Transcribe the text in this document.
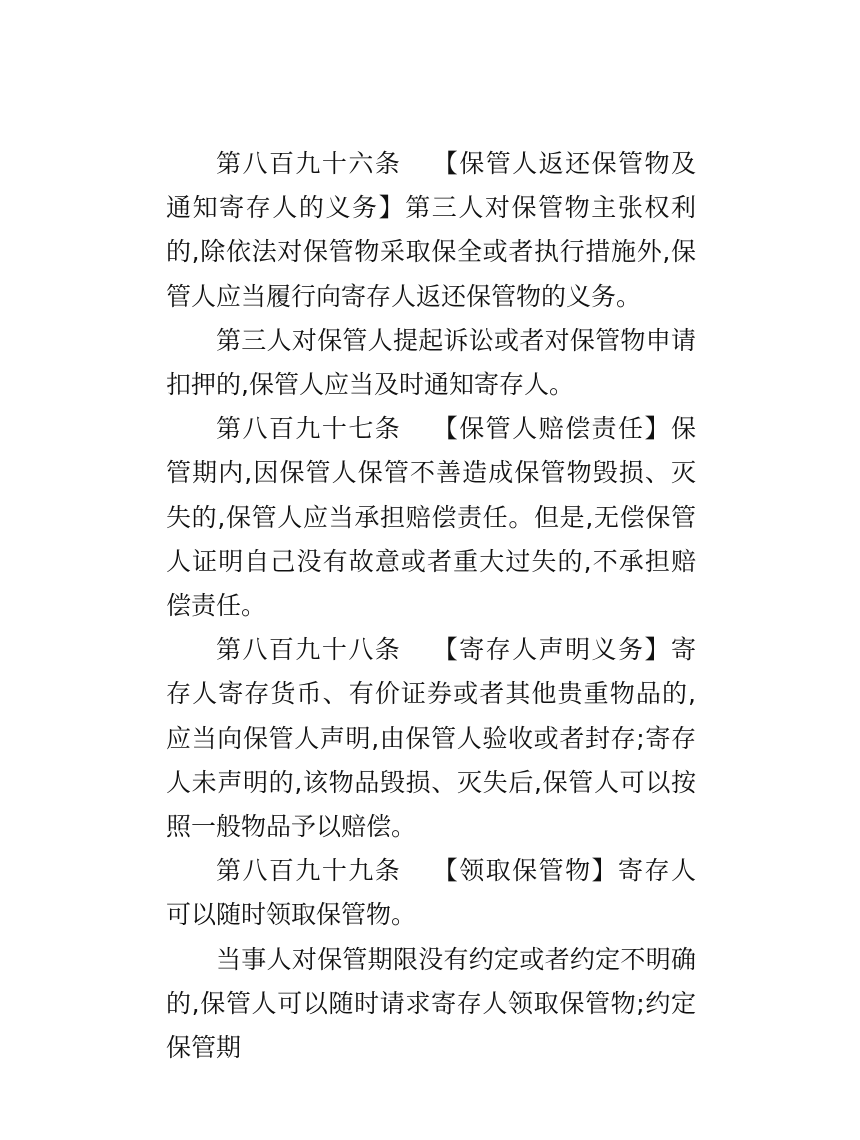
第八百九十六条 【保管人返还保管物及通知寄存人的义务】第三人对保管物主张权利的,除依法对保管物采取保全或者执行措施外,保管人应当履行向寄存人返还保管物的义务。

第三人对保管人提起诉讼或者对保管物申请扣押的,保管人应当及时通知寄存人。

第八百九十七条 【保管人赔偿责任】保管期内,因保管人保管不善造成保管物毁损、灭失的,保管人应当承担赔偿责任。但是,无偿保管人证明自己没有故意或者重大过失的,不承担赔偿责任。

第八百九十八条 【寄存人声明义务】寄存人寄存货币、有价证券或者其他贵重物品的,应当向保管人声明,由保管人验收或者封存;寄存人未声明的,该物品毁损、灭失后,保管人可以按照一般物品予以赔偿。

第八百九十九条 【领取保管物】寄存人可以随时领取保管物。

当事人对保管期限没有约定或者约定不明确的,保管人可以随时请求寄存人领取保管物;约定保管期
